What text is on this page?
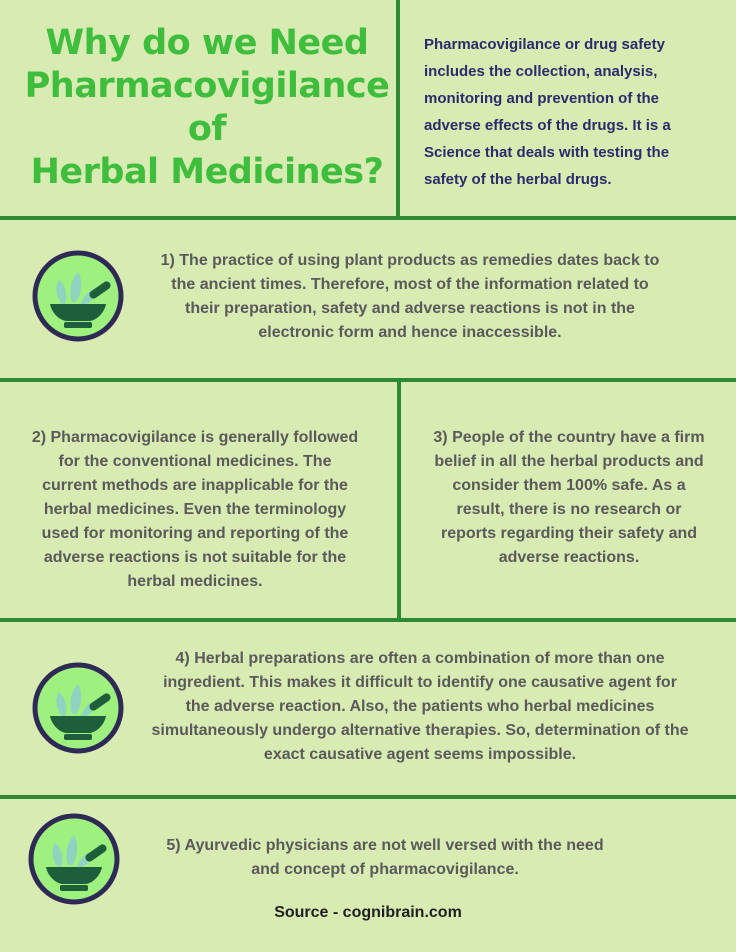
Why do we Need
Pharmacovigilance
of
Herbal Medicines?
Pharmacovigilance or drug safety
includes the collection, analysis,
monitoring and prevention of the
adverse effects of the drugs. It is a
Science that deals with testing the
safety of the herbal drugs.
1) The practice of using plant products as remedies dates back to
the ancient times. Therefore, most of the information related to
their preparation, safety and adverse reactions is not in the
electronic form and hence inaccessible.
2) Pharmacovigilance is generally followed
for the conventional medicines. The
current methods are inapplicable for the
herbal medicines. Even the terminology
used for monitoring and reporting of the
adverse reactions is not suitable for the
herbal medicines.
3) People of the country have a firm
belief in all the herbal products and
consider them 100% safe. As a
result, there is no research or
reports regarding their safety and
adverse reactions.
4) Herbal preparations are often a combination of more than one
ingredient. This makes it difficult to identify one causative agent for
the adverse reaction. Also, the patients who herbal medicines
simultaneously undergo alternative therapies. So, determination of the
exact causative agent seems impossible.
5) Ayurvedic physicians are not well versed with the need
and concept of pharmacovigilance.
Source - cognibrain.com
